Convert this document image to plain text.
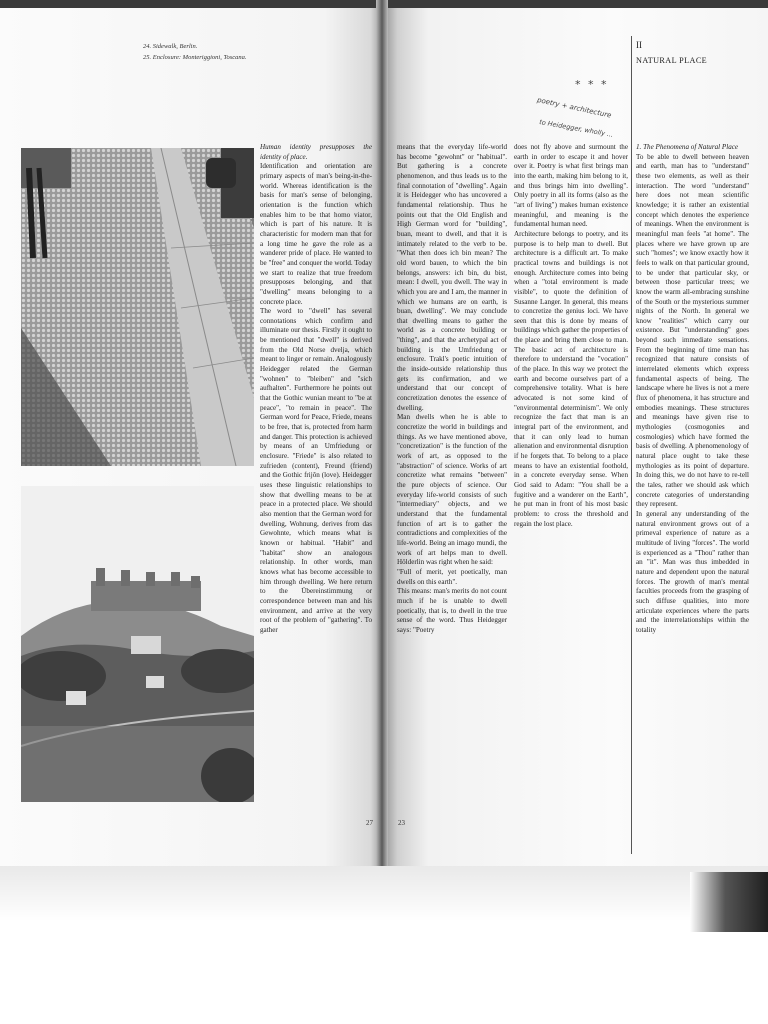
24. Sidewalk, Berlin.
25. Enclosure: Monteriggioni, Toscana.

Human identity presupposes the identity of place.

Identification and orientation are primary aspects of man's being-in-the-world. Whereas identification is the basis for man's sense of belonging, orientation is the function which enables him to be that homo viator, which is part of his nature. It is characteristic for modern man that for a long time he gave the role as a wanderer pride of place. He wanted to be "free" and conquer the world. Today we start to realize that true freedom presupposes belonging, and that "dwelling" means belonging to a concrete place.

The word to "dwell" has several connotations which confirm and illuminate our thesis. Firstly it ought to be mentioned that "dwell" is derived from the Old Norse dvelja, which meant to linger or remain. Analogously Heidegger related the German "wohnen" to "bleiben" and "sich aufhalten". Furthermore he points out that the Gothic wunian meant to "be at peace", "to remain in peace". The German word for Peace, Friede, means to be free, that is, protected from harm and danger. This protection is achieved by means of an Umfriedung or enclosure. "Friede" is also related to zufrieden (content), Freund (friend) and the Gothic frijôn (love). Heidegger uses these linguistic relationships to show that dwelling means to be at peace in a protected place. We should also mention that the German word for dwelling, Wohnung, derives from das Gewohnte, which means what is known or habitual. "Habit" and "habitat" show an analogous relationship. In other words, man knows what has become accessible to him through dwelling. We here return to the Übereinstimmung or correspondence between man and his environment, and arrive at the very root of the problem of "gathering". To gather

27

means that the everyday life-world has become "gewohnt" or "habitual". But gathering is a concrete phenomenon, and thus leads us to the final connotation of "dwelling". Again it is Heidegger who has uncovered a fundamental relationship. Thus he points out that the Old English and High German word for "building", buan, meant to dwell, and that it is intimately related to the verb to be. "What then does ich bin mean? The old word bauen, to which the bin belongs, answers: ich bin, du bist, mean: I dwell, you dwell. The way in which you are and I am, the manner in which we humans are on earth, is buan, dwelling". We may conclude that dwelling means to gather the world as a concrete building or "thing", and that the archetypal act of building is the Umfriedung or enclosure. Trakl's poetic intuition of the inside-outside relationship thus gets its confirmation, and we understand that our concept of concretization denotes the essence of dwelling.

Man dwells when he is able to concretize the world in buildings and things. As we have mentioned above, "concretization" is the function of the work of art, as opposed to the "abstraction" of science. Works of art concretize what remains "between" the pure objects of science. Our everyday life-world consists of such "intermediary" objects, and we understand that the fundamental function of art is to gather the contradictions and complexities of the life-world. Being an imago mundi, the work of art helps man to dwell. Hölderlin was right when he said:

"Full of merit, yet poetically, man dwells on this earth".

This means: man's merits do not count much if he is unable to dwell poetically, that is, to dwell in the true sense of the word. Thus Heidegger says: "Poetry

23

does not fly above and surmount the earth in order to escape it and hover over it. Poetry is what first brings man into the earth, making him belong to it, and thus brings him into dwelling". Only poetry in all its forms (also as the "art of living") makes human existence meaningful, and meaning is the fundamental human need.

Architecture belongs to poetry, and its purpose is to help man to dwell. But architecture is a difficult art. To make practical towns and buildings is not enough. Architecture comes into being when a "total environment is made visible", to quote the definition of Susanne Langer. In general, this means to concretize the genius loci. We have seen that this is done by means of buildings which gather the properties of the place and bring them close to man. The basic act of architecture is therefore to understand the "vocation" of the place. In this way we protect the earth and become ourselves part of a comprehensive totality. What is here advocated is not some kind of "environmental determinism". We only recognize the fact that man is an integral part of the environment, and that it can only lead to human alienation and environmental disruption if he forgets that. To belong to a place means to have an existential foothold, in a concrete everyday sense. When God said to Adam: "You shall be a fugitive and a wanderer on the Earth", he put man in front of his most basic problem: to cross the threshold and regain the lost place.

* * *
poetry + architecture
to Heidegger, wholly ...
II
NATURAL PLACE

1. The Phenomena of Natural Place

To be able to dwell between heaven and earth, man has to "understand" these two elements, as well as their interaction. The word "understand" here does not mean scientific knowledge; it is rather an existential concept which denotes the experience of meanings. When the environment is meaningful man feels "at home". The places where we have grown up are such "homes"; we know exactly how it feels to walk on that particular ground, to be under that particular sky, or between those particular trees; we know the warm all-embracing sunshine of the South or the mysterious summer nights of the North. In general we know "realities" which carry our existence. But "understanding" goes beyond such immediate sensations. From the beginning of time man has recognized that nature consists of interrelated elements which express fundamental aspects of being. The landscape where he lives is not a mere flux of phenomena, it has structure and embodies meanings. These structures and meanings have given rise to mythologies (cosmogonies and cosmologies) which have formed the basis of dwelling. A phenomenology of natural place ought to take these mythologies as its point of departure. In doing this, we do not have to re-tell the tales, rather we should ask which concrete categories of understanding they represent.

In general any understanding of the natural environment grows out of a primeval experience of nature as a multitude of living "forces". The world is experienced as a "Thou" rather than an "it". Man was thus imbedded in nature and dependent upon the natural forces. The growth of man's mental faculties proceeds from the grasping of such diffuse qualities, into more articulate experiences where the parts and the interrelationships within the totality
